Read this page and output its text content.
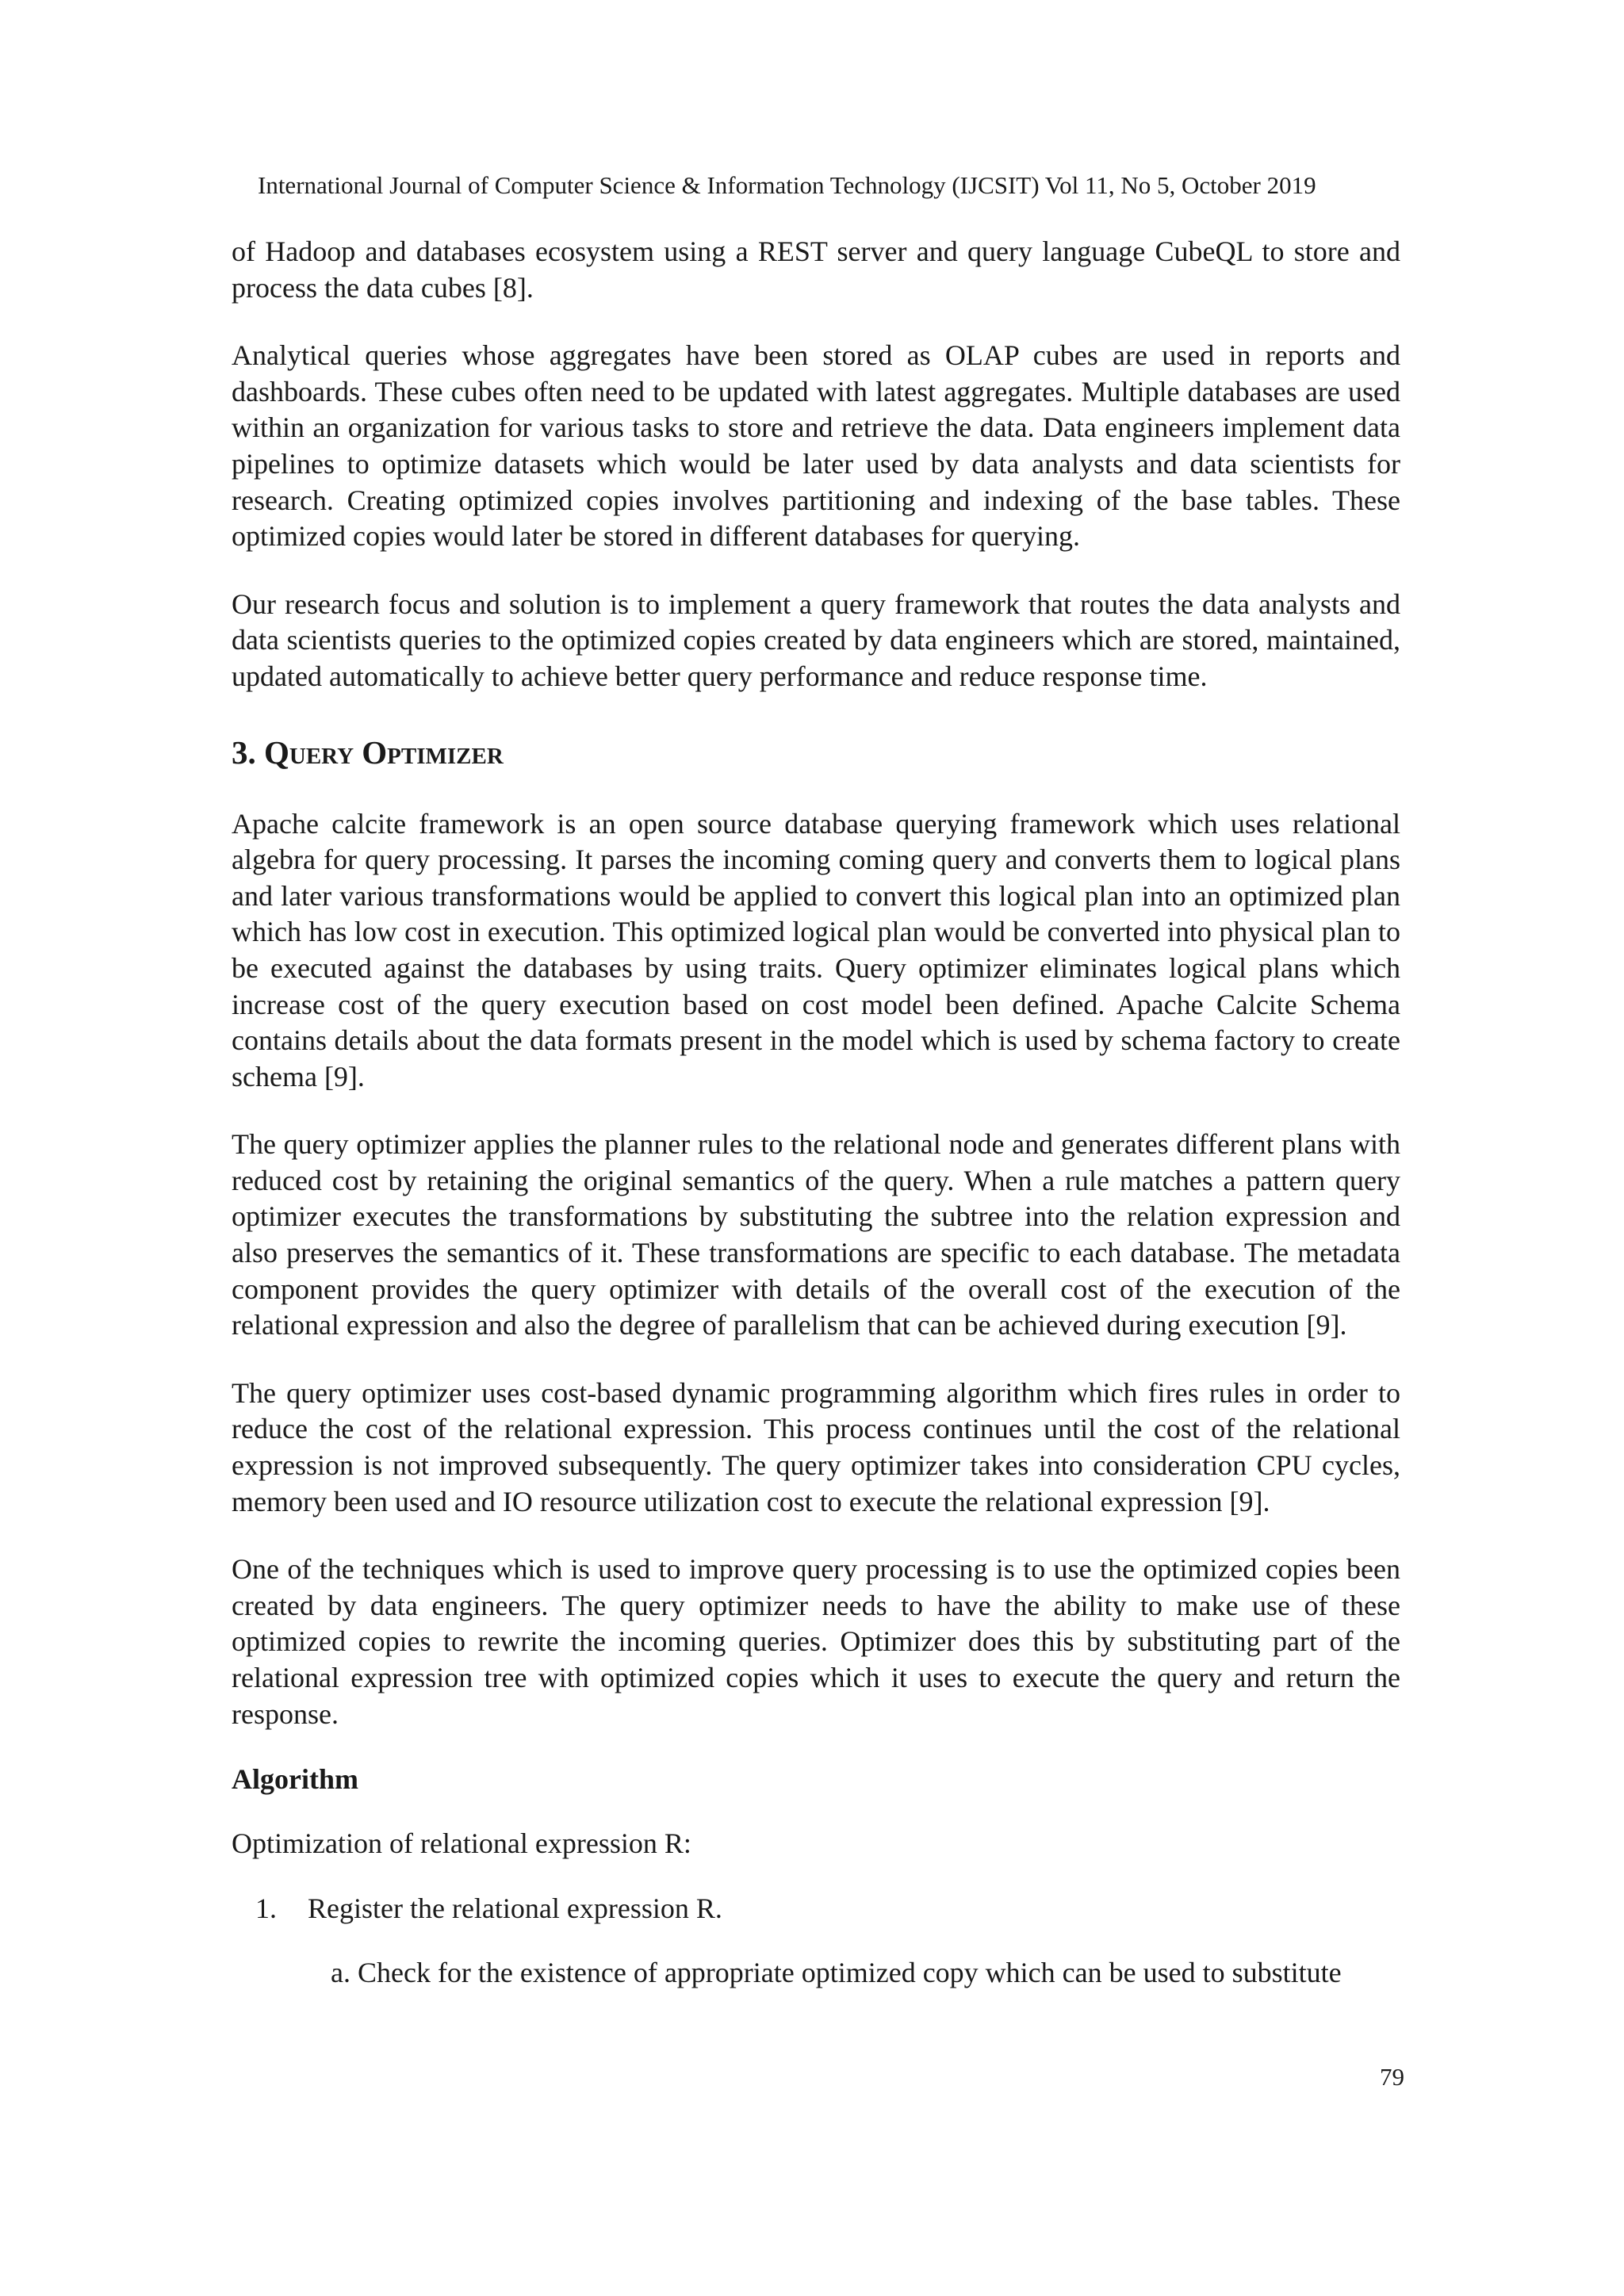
International Journal of Computer Science & Information Technology (IJCSIT) Vol 11, No 5, October 2019

of Hadoop and databases ecosystem using a REST server and query language CubeQL to store and process the data cubes [8].

Analytical queries whose aggregates have been stored as OLAP cubes are used in reports and dashboards. These cubes often need to be updated with latest aggregates. Multiple databases are used within an organization for various tasks to store and retrieve the data. Data engineers implement data pipelines to optimize datasets which would be later used by data analysts and data scientists for research. Creating optimized copies involves partitioning and indexing of the base tables. These optimized copies would later be stored in different databases for querying.

Our research focus and solution is to implement a query framework that routes the data analysts and data scientists queries to the optimized copies created by data engineers which are stored, maintained, updated automatically to achieve better query performance and reduce response time.

3. Query Optimizer

Apache calcite framework is an open source database querying framework which uses relational algebra for query processing. It parses the incoming coming query and converts them to logical plans and later various transformations would be applied to convert this logical plan into an optimized plan which has low cost in execution. This optimized logical plan would be converted into physical plan to be executed against the databases by using traits. Query optimizer eliminates logical plans which increase cost of the query execution based on cost model been defined. Apache Calcite Schema contains details about the data formats present in the model which is used by schema factory to create schema [9].

The query optimizer applies the planner rules to the relational node and generates different plans with reduced cost by retaining the original semantics of the query. When a rule matches a pattern query optimizer executes the transformations by substituting the subtree into the relation expression and also preserves the semantics of it. These transformations are specific to each database. The metadata component provides the query optimizer with details of the overall cost of the execution of the relational expression and also the degree of parallelism that can be achieved during execution [9].

The query optimizer uses cost-based dynamic programming algorithm which fires rules in order to reduce the cost of the relational expression. This process continues until the cost of the relational expression is not improved subsequently. The query optimizer takes into consideration CPU cycles, memory been used and IO resource utilization cost to execute the relational expression [9].

One of the techniques which is used to improve query processing is to use the optimized copies been created by data engineers. The query optimizer needs to have the ability to make use of these optimized copies to rewrite the incoming queries. Optimizer does this by substituting part of the relational expression tree with optimized copies which it uses to execute the query and return the response.

Algorithm

Optimization of relational expression R:

1. Register the relational expression R.
a. Check for the existence of appropriate optimized copy which can be used to substitute
79
